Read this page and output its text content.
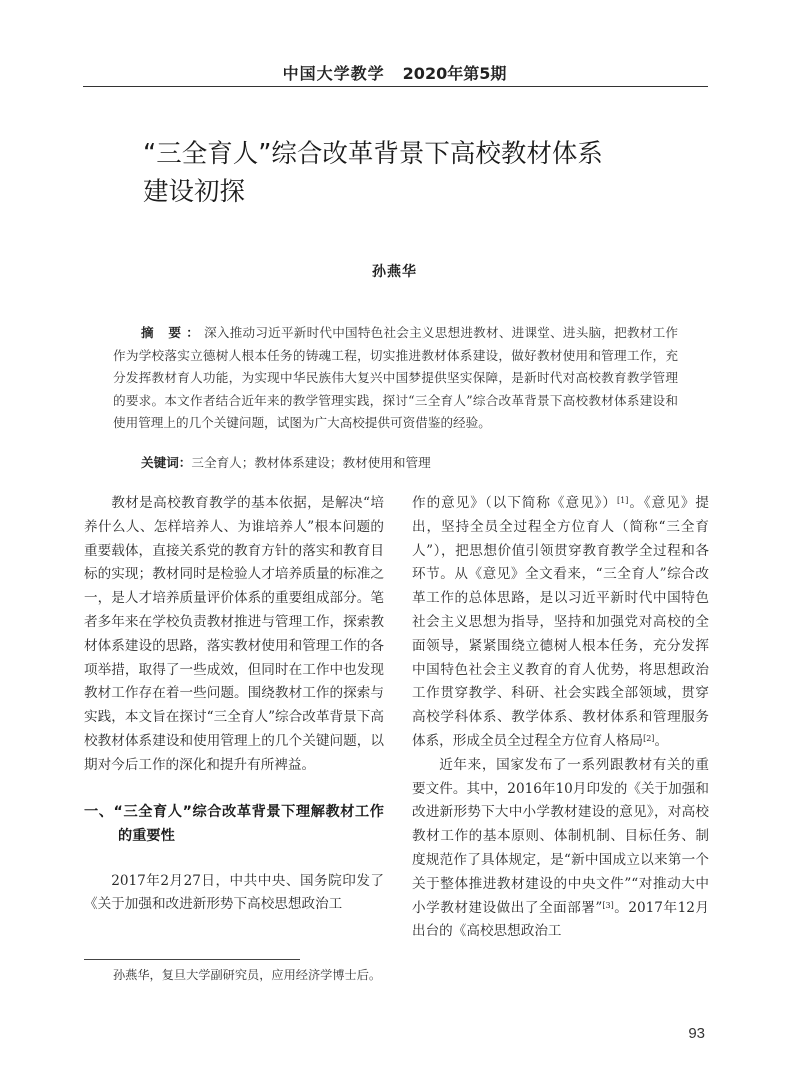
中国大学教学 2020年第5期
“三全育人”综合改革背景下高校教材体系
建设初探
孙燕华
摘 要：深入推动习近平新时代中国特色社会主义思想进教材、进课堂、进头脑，把教材工作作为学校落实立德树人根本任务的铸魂工程，切实推进教材体系建设，做好教材使用和管理工作，充分发挥教材育人功能，为实现中华民族伟大复兴中国梦提供坚实保障，是新时代对高校教育教学管理的要求。本文作者结合近年来的教学管理实践，探讨“三全育人”综合改革背景下高校教材体系建设和使用管理上的几个关键问题，试图为广大高校提供可资借鉴的经验。
关键词：三全育人；教材体系建设；教材使用和管理

教材是高校教育教学的基本依据，是解决“培养什么人、怎样培养人、为谁培养人”根本问题的重要载体，直接关系党的教育方针的落实和教育目标的实现；教材同时是检验人才培养质量的标准之一，是人才培养质量评价体系的重要组成部分。笔者多年来在学校负责教材推进与管理工作，探索教材体系建设的思路，落实教材使用和管理工作的各项举措，取得了一些成效，但同时在工作中也发现教材工作存在着一些问题。围绕教材工作的探索与实践，本文旨在探讨“三全育人”综合改革背景下高校教材体系建设和使用管理上的几个关键问题，以期对今后工作的深化和提升有所裨益。

一、“三全育人”综合改革背景下理解教材工作的重要性

2017年2月27日，中共中央、国务院印发了《关于加强和改进新形势下高校思想政治工

作的意见》（以下简称《意见》）[1]。《意见》提出，坚持全员全过程全方位育人（简称“三全育人”），把思想价值引领贯穿教育教学全过程和各环节。从《意见》全文看来，“三全育人”综合改革工作的总体思路，是以习近平新时代中国特色社会主义思想为指导，坚持和加强党对高校的全面领导，紧紧围绕立德树人根本任务，充分发挥中国特色社会主义教育的育人优势，将思想政治工作贯穿教学、科研、社会实践全部领域，贯穿高校学科体系、教学体系、教材体系和管理服务体系，形成全员全过程全方位育人格局[2]。

近年来，国家发布了一系列跟教材有关的重要文件。其中，2016年10月印发的《关于加强和改进新形势下大中小学教材建设的意见》，对高校教材工作的基本原则、体制机制、目标任务、制度规范作了具体规定，是“新中国成立以来第一个关于整体推进教材建设的中央文件”“对推动大中小学教材建设做出了全面部署”[3]。2017年12月出台的《高校思想政治工

孙燕华，复旦大学副研究员，应用经济学博士后。
93
